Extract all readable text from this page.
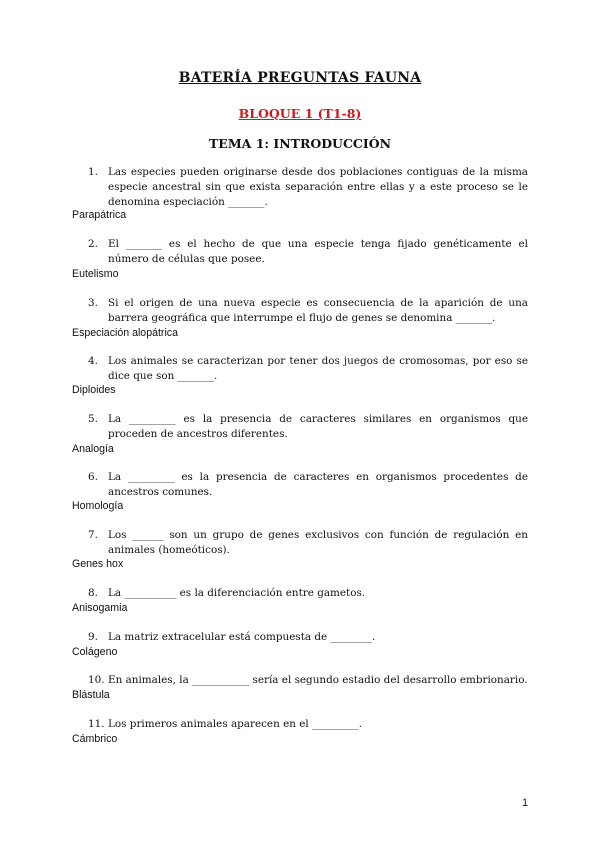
BATERÍA PREGUNTAS FAUNA
BLOQUE 1 (T1-8)
TEMA 1: INTRODUCCIÓN
1. Las especies pueden originarse desde dos poblaciones contiguas de la misma especie ancestral sin que exista separación entre ellas y a este proceso se le denomina especiación _______.
Parapátrica
2. El _______ es el hecho de que una especie tenga fijado genéticamente el número de células que posee.
Eutelismo
3. Si el origen de una nueva especie es consecuencia de la aparición de una barrera geográfica que interrumpe el flujo de genes se denomina _______.
Especiación alopátrica
4. Los animales se caracterizan por tener dos juegos de cromosomas, por eso se dice que son _______.
Diploides
5. La _________ es la presencia de caracteres similares en organismos que proceden de ancestros diferentes.
Analogía
6. La _________ es la presencia de caracteres en organismos procedentes de ancestros comunes.
Homología
7. Los ______ son un grupo de genes exclusivos con función de regulación en animales (homeóticos).
Genes hox
8. La __________ es la diferenciación entre gametos.
Anisogamia
9. La matriz extracelular está compuesta de ________.
Colágeno
10. En animales, la ___________ sería el segundo estadio del desarrollo embrionario.
Blástula
11. Los primeros animales aparecen en el _________.
Cámbrico
1
